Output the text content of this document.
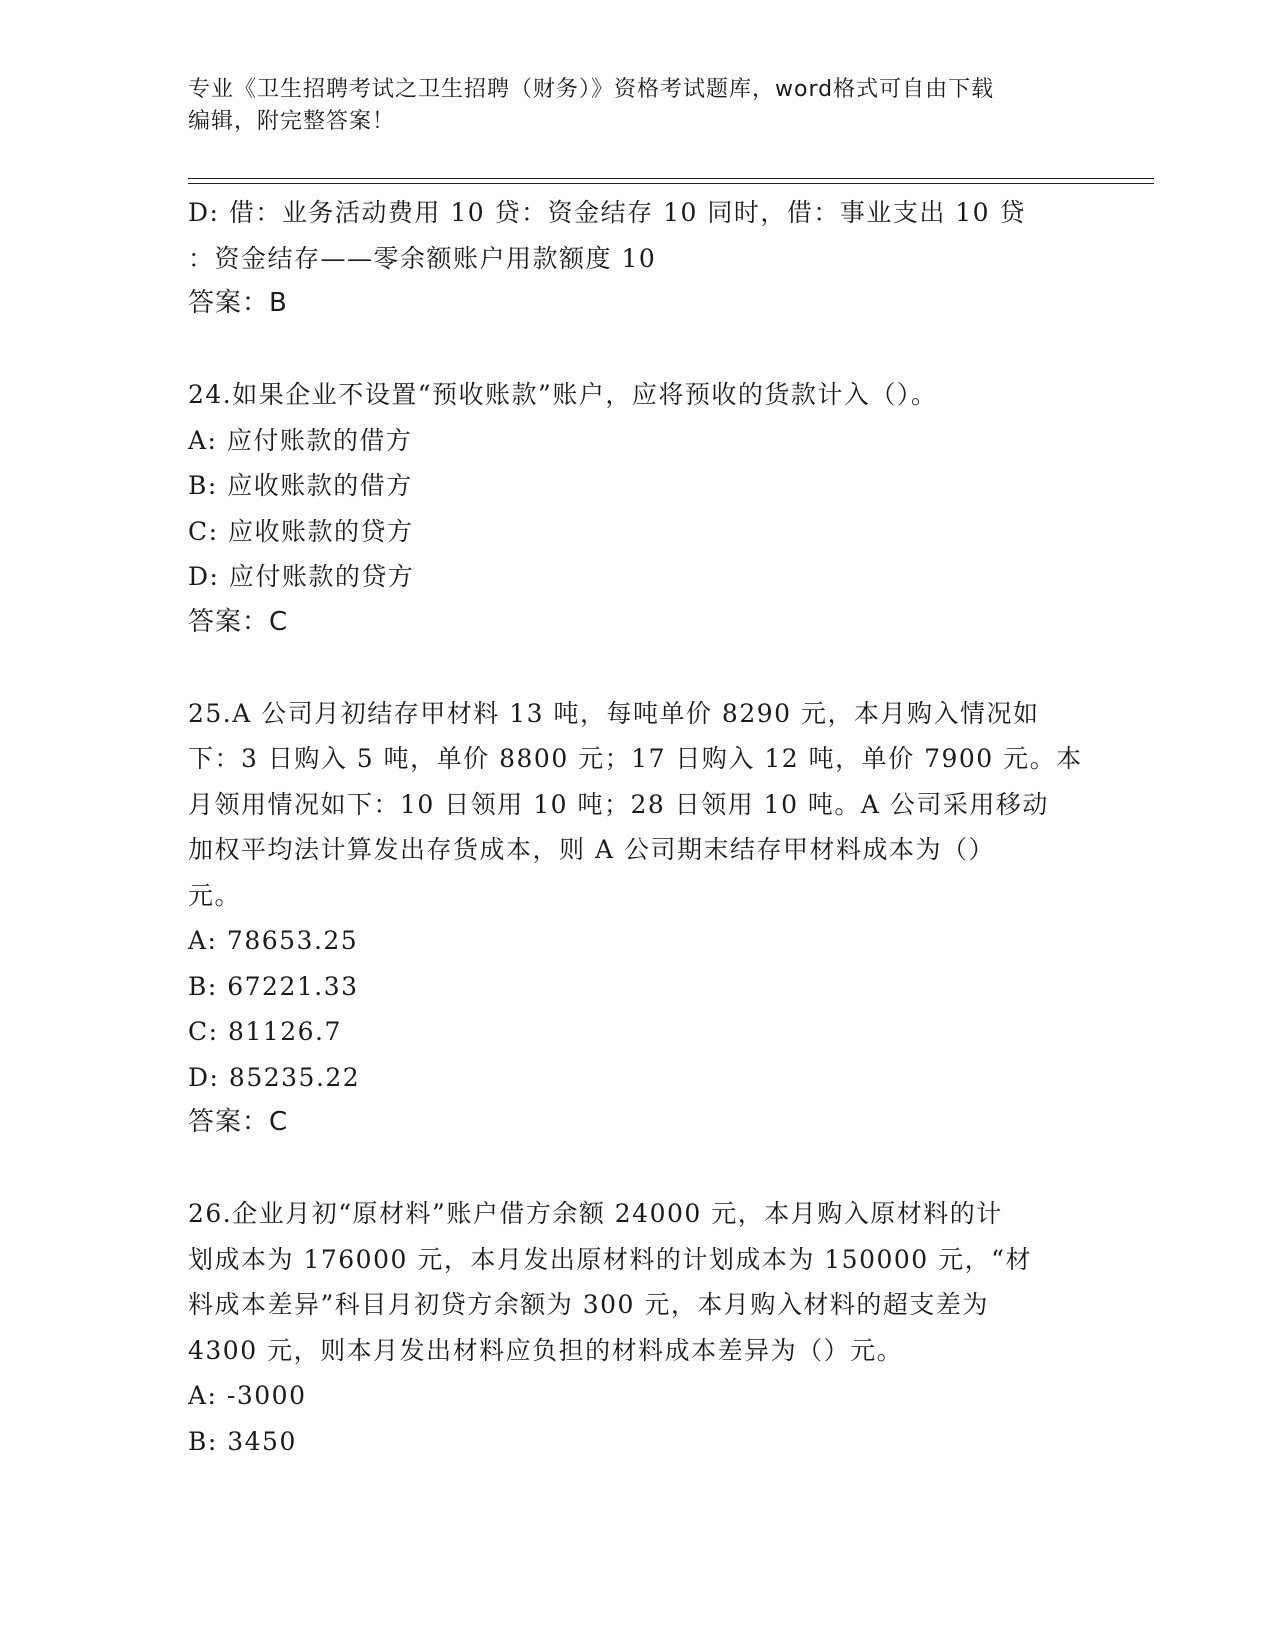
专业《卫生招聘考试之卫生招聘（财务）》资格考试题库，word格式可自由下载
编辑，附完整答案！
D: 借：业务活动费用 10 贷：资金结存 10 同时，借：事业支出 10 贷
：资金结存——零余额账户用款额度 10
答案：B
24.如果企业不设置“预收账款”账户，应将预收的货款计入（）。
A: 应付账款的借方
B: 应收账款的借方
C: 应收账款的贷方
D: 应付账款的贷方
答案：C
25.A 公司月初结存甲材料 13 吨，每吨单价 8290 元，本月购入情况如
下：3 日购入 5 吨，单价 8800 元；17 日购入 12 吨，单价 7900 元。本
月领用情况如下：10 日领用 10 吨；28 日领用 10 吨。A 公司采用移动
加权平均法计算发出存货成本，则 A 公司期末结存甲材料成本为（）
元。
A: 78653.25
B: 67221.33
C: 81126.7
D: 85235.22
答案：C
26.企业月初“原材料”账户借方余额 24000 元，本月购入原材料的计
划成本为 176000 元，本月发出原材料的计划成本为 150000 元，“材
料成本差异”科目月初贷方余额为 300 元，本月购入材料的超支差为
4300 元，则本月发出材料应负担的材料成本差异为（）元。
A: -3000
B: 3450
